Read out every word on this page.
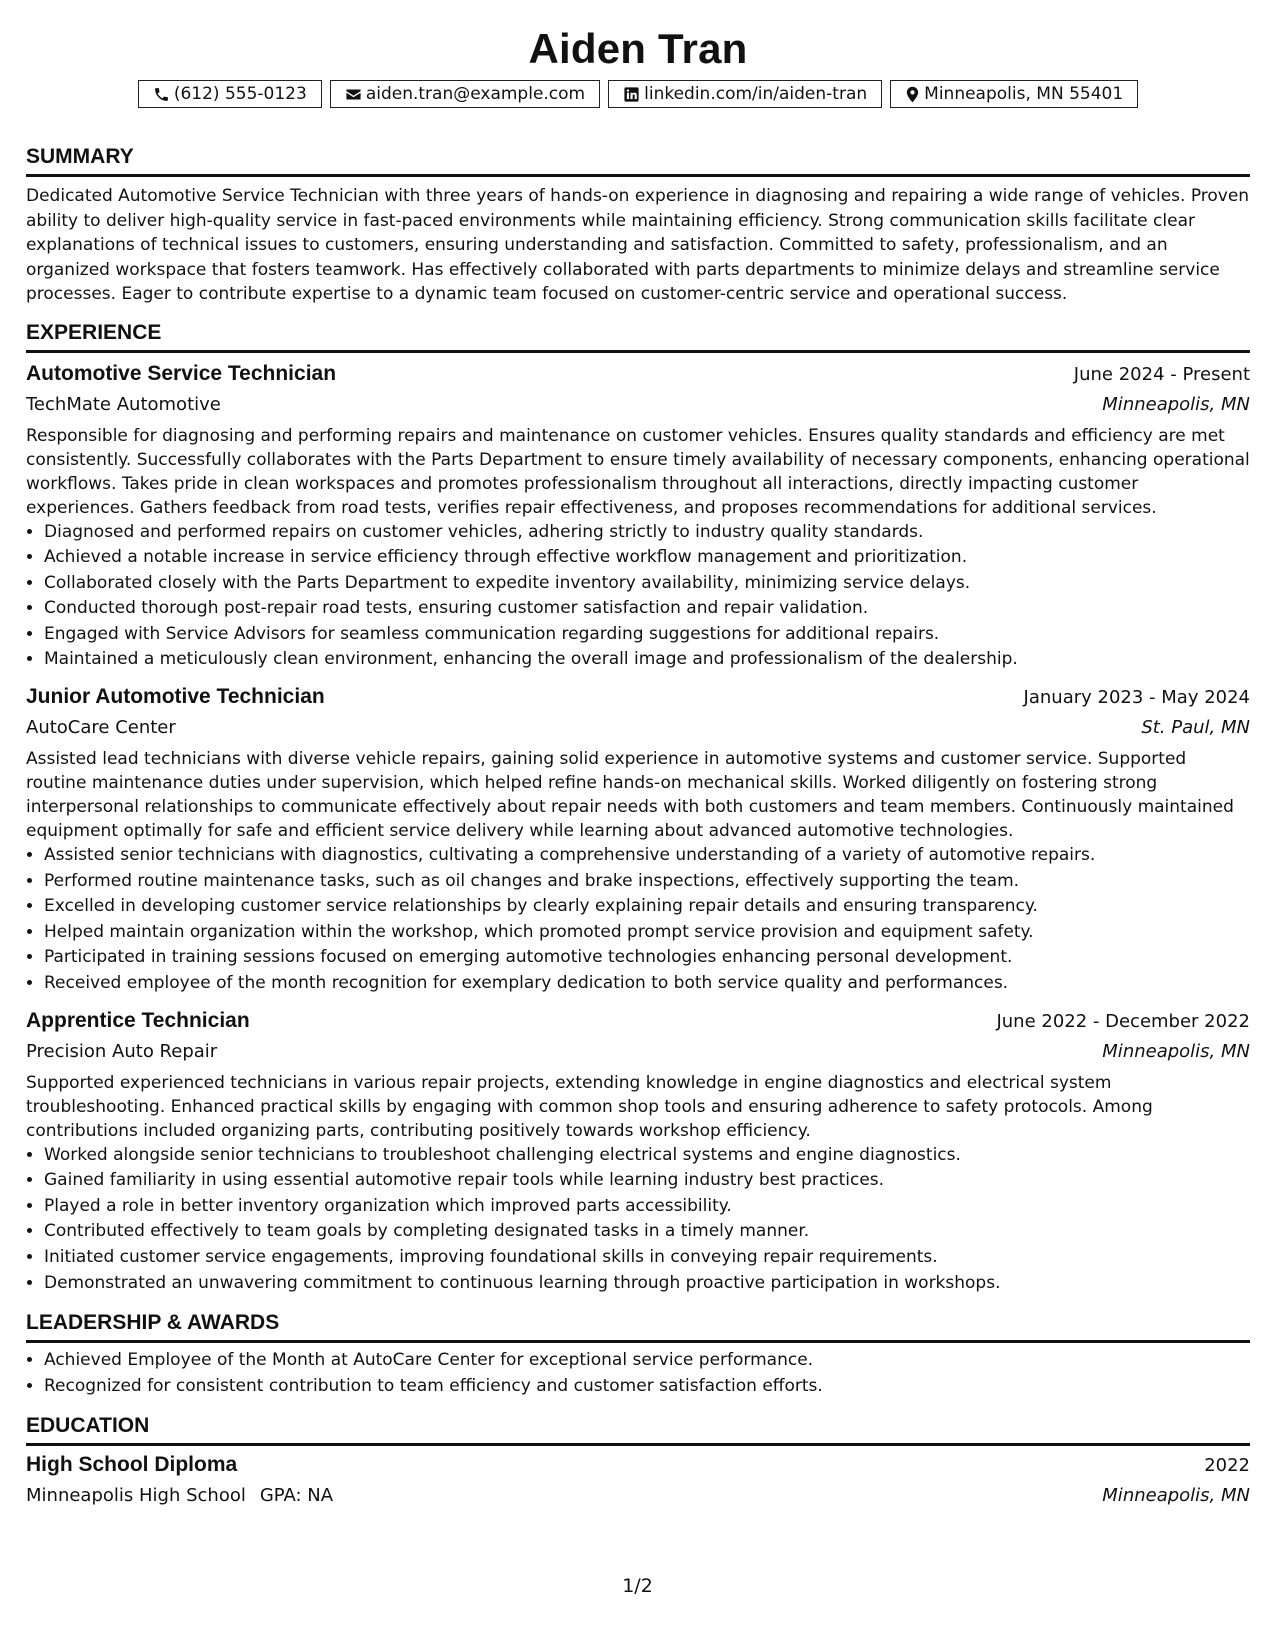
Aiden Tran
(612) 555-0123	aiden.tran@example.com	linkedin.com/in/aiden-tran	Minneapolis, MN 55401
SUMMARY
Dedicated Automotive Service Technician with three years of hands-on experience in diagnosing and repairing a wide range of vehicles. Proven ability to deliver high-quality service in fast-paced environments while maintaining efficiency. Strong communication skills facilitate clear explanations of technical issues to customers, ensuring understanding and satisfaction. Committed to safety, professionalism, and an organized workspace that fosters teamwork. Has effectively collaborated with parts departments to minimize delays and streamline service processes. Eager to contribute expertise to a dynamic team focused on customer-centric service and operational success.
EXPERIENCE
Automotive Service Technician	June 2024 - Present
TechMate Automotive	Minneapolis, MN
Responsible for diagnosing and performing repairs and maintenance on customer vehicles. Ensures quality standards and efficiency are met consistently. Successfully collaborates with the Parts Department to ensure timely availability of necessary components, enhancing operational workflows. Takes pride in clean workspaces and promotes professionalism throughout all interactions, directly impacting customer experiences. Gathers feedback from road tests, verifies repair effectiveness, and proposes recommendations for additional services.
• Diagnosed and performed repairs on customer vehicles, adhering strictly to industry quality standards.
• Achieved a notable increase in service efficiency through effective workflow management and prioritization.
• Collaborated closely with the Parts Department to expedite inventory availability, minimizing service delays.
• Conducted thorough post-repair road tests, ensuring customer satisfaction and repair validation.
• Engaged with Service Advisors for seamless communication regarding suggestions for additional repairs.
• Maintained a meticulously clean environment, enhancing the overall image and professionalism of the dealership.
Junior Automotive Technician	January 2023 - May 2024
AutoCare Center	St. Paul, MN
Assisted lead technicians with diverse vehicle repairs, gaining solid experience in automotive systems and customer service. Supported routine maintenance duties under supervision, which helped refine hands-on mechanical skills. Worked diligently on fostering strong interpersonal relationships to communicate effectively about repair needs with both customers and team members. Continuously maintained equipment optimally for safe and efficient service delivery while learning about advanced automotive technologies.
• Assisted senior technicians with diagnostics, cultivating a comprehensive understanding of a variety of automotive repairs.
• Performed routine maintenance tasks, such as oil changes and brake inspections, effectively supporting the team.
• Excelled in developing customer service relationships by clearly explaining repair details and ensuring transparency.
• Helped maintain organization within the workshop, which promoted prompt service provision and equipment safety.
• Participated in training sessions focused on emerging automotive technologies enhancing personal development.
• Received employee of the month recognition for exemplary dedication to both service quality and performances.
Apprentice Technician	June 2022 - December 2022
Precision Auto Repair	Minneapolis, MN
Supported experienced technicians in various repair projects, extending knowledge in engine diagnostics and electrical system troubleshooting. Enhanced practical skills by engaging with common shop tools and ensuring adherence to safety protocols. Among contributions included organizing parts, contributing positively towards workshop efficiency.
• Worked alongside senior technicians to troubleshoot challenging electrical systems and engine diagnostics.
• Gained familiarity in using essential automotive repair tools while learning industry best practices.
• Played a role in better inventory organization which improved parts accessibility.
• Contributed effectively to team goals by completing designated tasks in a timely manner.
• Initiated customer service engagements, improving foundational skills in conveying repair requirements.
• Demonstrated an unwavering commitment to continuous learning through proactive participation in workshops.
LEADERSHIP & AWARDS
• Achieved Employee of the Month at AutoCare Center for exceptional service performance.
• Recognized for consistent contribution to team efficiency and customer satisfaction efforts.
EDUCATION
High School Diploma	2022
Minneapolis High School GPA: NA	Minneapolis, MN
1/2
